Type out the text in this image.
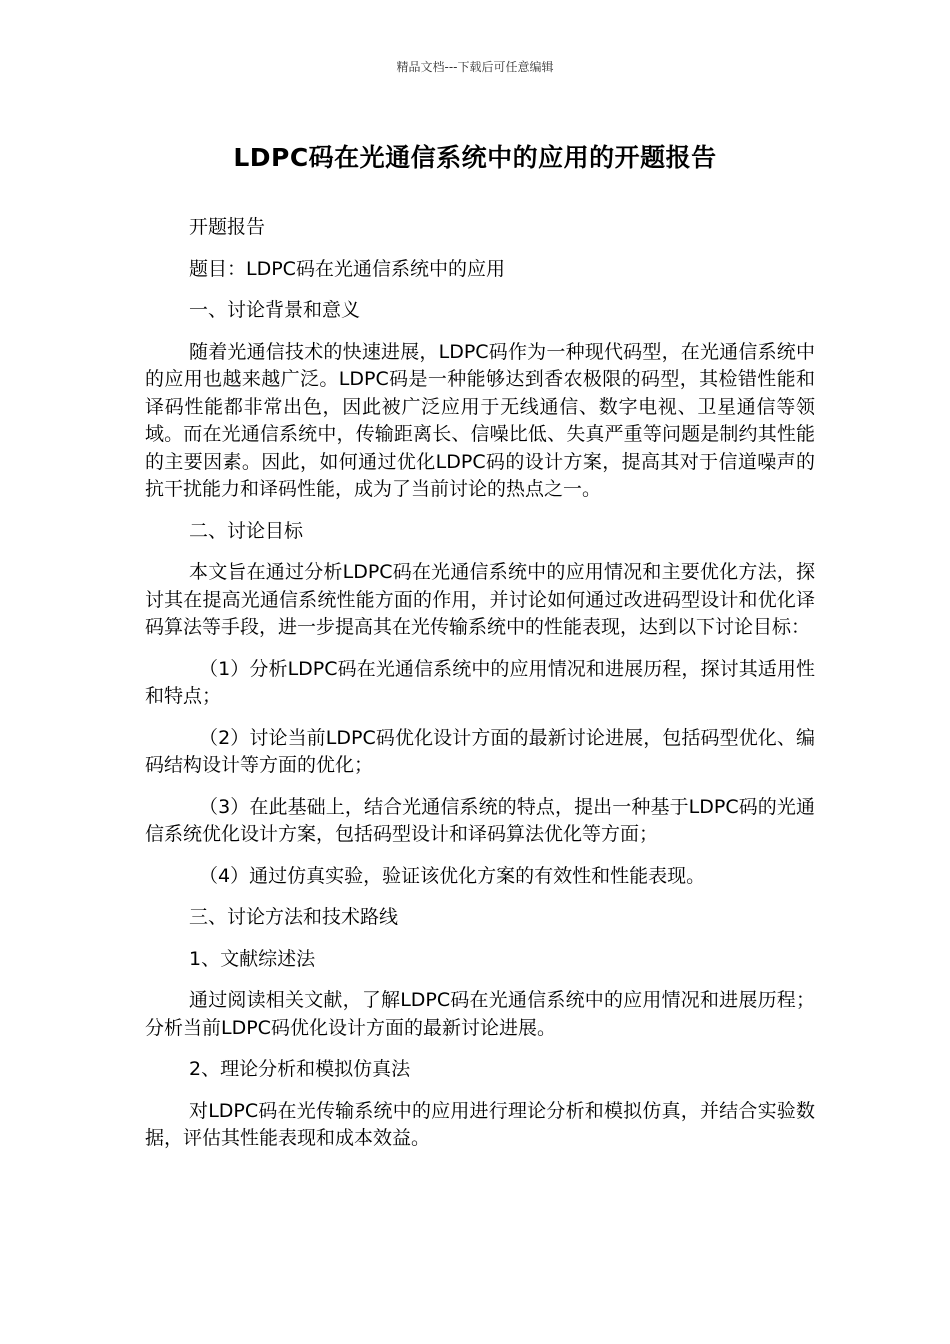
精品文档---下载后可任意编辑
LDPC码在光通信系统中的应用的开题报告

开题报告

题目：LDPC码在光通信系统中的应用

一、讨论背景和意义

随着光通信技术的快速进展，LDPC码作为一种现代码型，在光通信系统中的应用也越来越广泛。LDPC码是一种能够达到香农极限的码型，其检错性能和译码性能都非常出色，因此被广泛应用于无线通信、数字电视、卫星通信等领域。而在光通信系统中，传输距离长、信噪比低、失真严重等问题是制约其性能的主要因素。因此，如何通过优化LDPC码的设计方案，提高其对于信道噪声的抗干扰能力和译码性能，成为了当前讨论的热点之一。

二、讨论目标

本文旨在通过分析LDPC码在光通信系统中的应用情况和主要优化方法，探讨其在提高光通信系统性能方面的作用，并讨论如何通过改进码型设计和优化译码算法等手段，进一步提高其在光传输系统中的性能表现，达到以下讨论目标：

（1）分析LDPC码在光通信系统中的应用情况和进展历程，探讨其适用性和特点；

（2）讨论当前LDPC码优化设计方面的最新讨论进展，包括码型优化、编码结构设计等方面的优化；

（3）在此基础上，结合光通信系统的特点，提出一种基于LDPC码的光通信系统优化设计方案，包括码型设计和译码算法优化等方面；

（4）通过仿真实验，验证该优化方案的有效性和性能表现。

三、讨论方法和技术路线

1、文献综述法

通过阅读相关文献，了解LDPC码在光通信系统中的应用情况和进展历程；分析当前LDPC码优化设计方面的最新讨论进展。

2、理论分析和模拟仿真法

对LDPC码在光传输系统中的应用进行理论分析和模拟仿真，并结合实验数据，评估其性能表现和成本效益。
